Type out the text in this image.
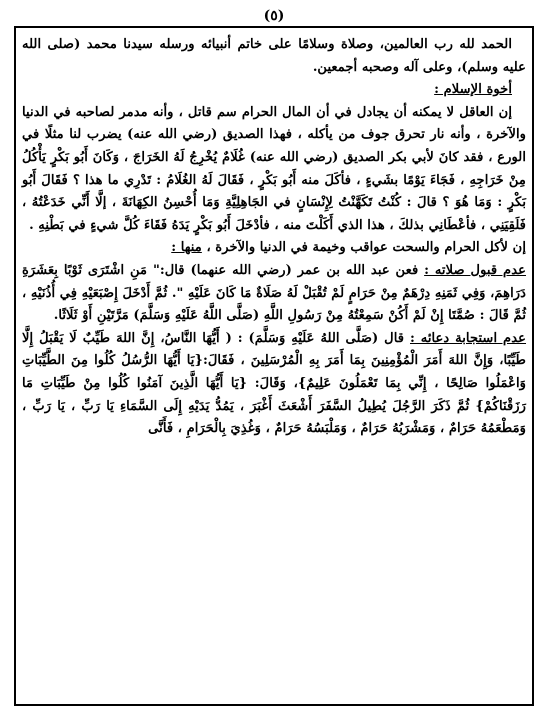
(٥)

الحمد لله رب العالمين، وصلاة وسلامًا على خاتم أنبيائه ورسله سيدنا محمد (صلى الله عليه وسلم)، وعلى آله وصحبه أجمعين.

أخوة الإسلام :

إن العاقل لا يمكنه أن يجادل في أن المال الحرام سم قاتل ، وأنه مدمر لصاحبه في الدنيا والآخرة ، وأنه نار تحرق جوف من يأكله ، فهذا الصديق (رضي الله عنه) يضرب لنا مثلًا في الورع ، فقد كانَ لأبي بكر الصديق (رضي الله عنه) غُلَامٌ يُخْرِجُ لَهُ الخَرَاجَ ، وَكَانَ أَبُو بَكْرٍ يَأْكُلُ مِنْ خَرَاجِهِ ، فَجَاءَ يَوْمًا بشَيءٍ ، فأكَلَ منه أَبُو بَكْرٍ ، فَقَالَ لَهُ الغُلَامُ : تَدْرِي ما هذا ؟ فَقَالَ أَبُو بَكْرٍ : وَمَا هُوَ ؟ قالَ : كُنْتُ تَكَهَّنْتُ لِإِنْسَانٍ في الجَاهِلِيَّةِ وَمَا أُحْسِنُ الكِهَانَةَ ، إلَّا أَنِّي خَدَعْتُهُ ، فَلَقِيَنِي ، فأعْطَانِي بذلكَ ، هذا الذي أَكَلْتَ منه ، فأدْخَلَ أَبُو بَكْرٍ يَدَهُ فَقَاءَ كُلَّ شيءٍ في بَطْنِهِ .

إن لأكل الحرام والسحت عواقب وخيمة في الدنيا والآخرة ، منها :

عدم قبول صلاته : فعن عبد الله بن عمر (رضي الله عنهما) قال:" مَنِ اشْتَرَى ثَوْبًا بِعَشَرَةِ دَرَاهِمَ، وَفِي ثَمَنِهِ دِرْهَمٌ مِنْ حَرَامٍ لَمْ تُقْبَلْ لَهُ صَلَاةٌ مَا كَانَ عَلَيْهِ ". ثُمَّ أَدْخَلَ إِصْبَعَيْهِ فِي أُذُنَيْهِ ، ثُمَّ قَالَ : صُمَّتَا إِنْ لَمْ أَكُنْ سَمِعْتُهُ مِنْ رَسُولِ اللَّهِ (صَلَّى اللَّهُ عَلَيْهِ وَسَلَّمَ) مَرَّتَيْنِ أَوْ ثَلَاثًا.

عدم استجابة دعائه : قال (صَلَّى اللهُ عَلَيْهِ وَسَلَّمَ) : ( أَيُّهَا النَّاسُ، إِنَّ اللهَ طَيِّبٌ لَا يَقْبَلُ إِلَّا طَيِّبًا، وَإِنَّ اللهَ أَمَرَ الْمُؤْمِنِينَ بِمَا أَمَرَ بِهِ الْمُرْسَلِينَ ، فَقَالَ:{يَا أَيُّهَا الرُّسُلُ كُلُوا مِنَ الطَّيِّبَاتِ وَاعْمَلُوا صَالِحًا ، إِنِّي بِمَا تَعْمَلُونَ عَلِيمٌ}، وَقَالَ: {يَا أَيُّهَا الَّذِينَ آمَنُوا كُلُوا مِنْ طَيِّبَاتِ مَا رَزَقْنَاكُمْ} ثُمَّ ذَكَرَ الرَّجُلَ يُطِيلُ السَّفَرَ أَشْعَثَ أَغْبَرَ ، يَمُدُّ يَدَيْهِ إِلَى السَّمَاءِ يَا رَبِّ ، يَا رَبِّ ، وَمَطْعَمُهُ حَرَامٌ ، وَمَشْرَبُهُ حَرَامٌ ، وَمَلْبَسُهُ حَرَامٌ ، وَغُذِيَ بِالْحَرَامِ ، فَأَنَّى
